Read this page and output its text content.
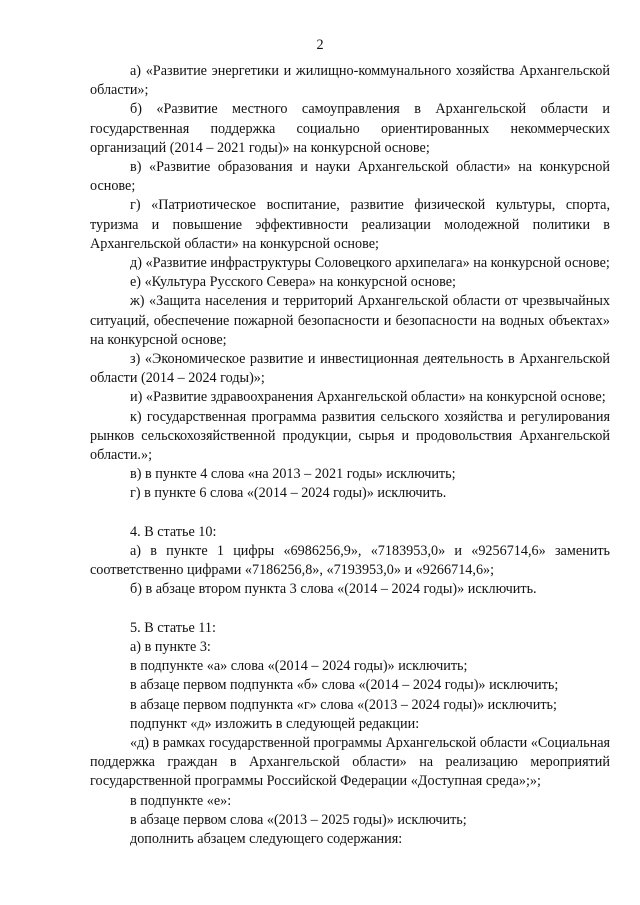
2

а) «Развитие энергетики и жилищно-коммунального хозяйства Архангельской области»;

б) «Развитие местного самоуправления в Архангельской области и государственная поддержка социально ориентированных некоммерческих организаций (2014 – 2021 годы)» на конкурсной основе;

в) «Развитие образования и науки Архангельской области» на конкурсной основе;

г) «Патриотическое воспитание, развитие физической культуры, спорта, туризма и повышение эффективности реализации молодежной политики в Архангельской области» на конкурсной основе;

д) «Развитие инфраструктуры Соловецкого архипелага» на конкурсной основе;

е) «Культура Русского Севера» на конкурсной основе;

ж) «Защита населения и территорий Архангельской области от чрезвычайных ситуаций, обеспечение пожарной безопасности и безопасности на водных объектах» на конкурсной основе;

з) «Экономическое развитие и инвестиционная деятельность в Архангельской области (2014 – 2024 годы)»;

и) «Развитие здравоохранения Архангельской области» на конкурсной основе;

к) государственная программа развития сельского хозяйства и регулирования рынков сельскохозяйственной продукции, сырья и продовольствия Архангельской области.»;

в) в пункте 4 слова «на 2013 – 2021 годы» исключить;

г) в пункте 6 слова «(2014 – 2024 годы)» исключить.

4. В статье 10:

а) в пункте 1 цифры «6986256,9», «7183953,0» и «9256714,6» заменить соответственно цифрами «7186256,8», «7193953,0» и «9266714,6»;

б) в абзаце втором пункта 3 слова «(2014 – 2024 годы)» исключить.

5. В статье 11:

а) в пункте 3:

в подпункте «а» слова «(2014 – 2024 годы)» исключить;

в абзаце первом подпункта «б» слова «(2014 – 2024 годы)» исключить;

в абзаце первом подпункта «г» слова «(2013 – 2024 годы)» исключить;

подпункт «д» изложить в следующей редакции:

«д) в рамках государственной программы Архангельской области «Социальная поддержка граждан в Архангельской области» на реализацию мероприятий государственной программы Российской Федерации «Доступная среда»;»;

в подпункте «е»:

в абзаце первом слова «(2013 – 2025 годы)» исключить;

дополнить абзацем следующего содержания:
